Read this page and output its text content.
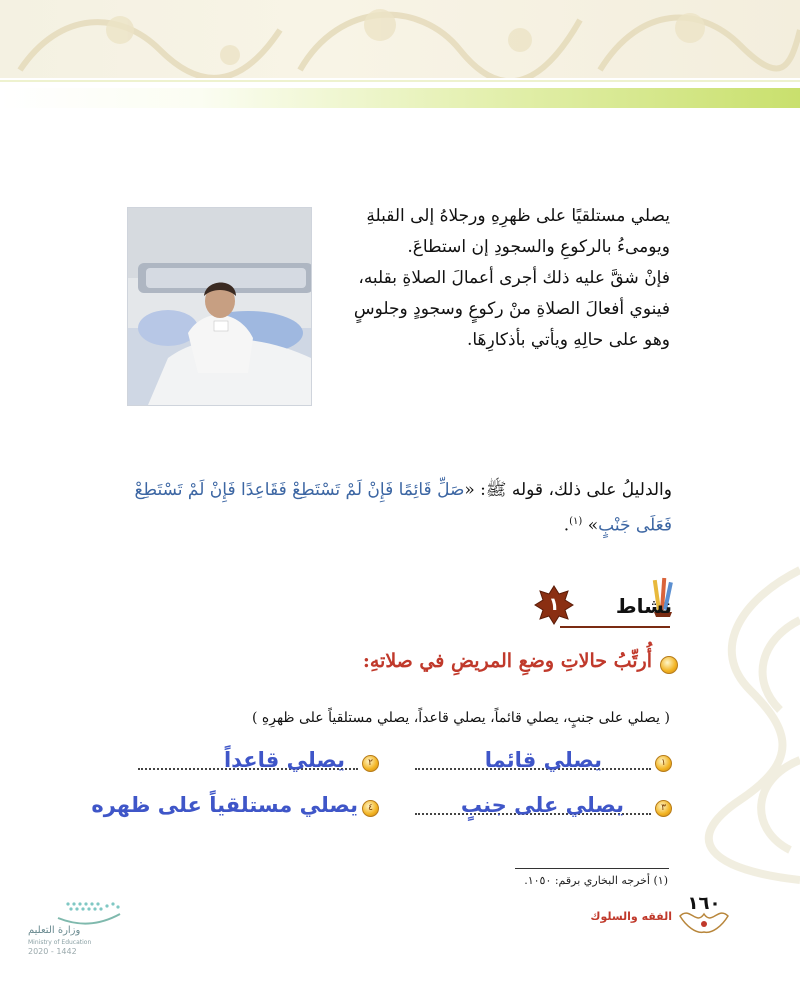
يصلي مستلقيًا على ظهرِهِ ورجلاهُ إلى القبلةِ
ويومىءُ بالركوعِ والسجودِ إن استطاعَ.
فإنْ شقَّ عليه ذلك أجرى أعمالَ الصلاةِ بقلبه،
فينوي أفعالَ الصلاةِ منْ ركوعٍ وسجودٍ وجلوسٍ
وهو على حالِهِ ويأتي بأذكارِهَا.
والدليلُ على ذلك، قوله ﷺ: «صَلِّ قَائِمًا فَإِنْ لَمْ تَسْتَطِعْ فَقَاعِدًا فَإِنْ لَمْ تَسْتَطِعْ فَعَلَى جَنْبٍ» $^{(١)}$.
نشاط
١
أُرتِّبُ حالاتِ وضعِ المريضِ في صلاتهِ:
( يصلي على جنبٍ، يصلي قائماً، يصلي قاعداً، يصلي مستلقياً على ظهرِهِ )
١
يصلي قائما
٢
يصلي قاعداً
٣
يصلي على جنبٍ
٤
يصلي مستلقياً على ظهره
(١) أخرجه البخاري برقم: ١٠٥٠.
وزارة التعليم
Ministry of Education
2020 - 1442
١٦٠
الفقه والسلوك
